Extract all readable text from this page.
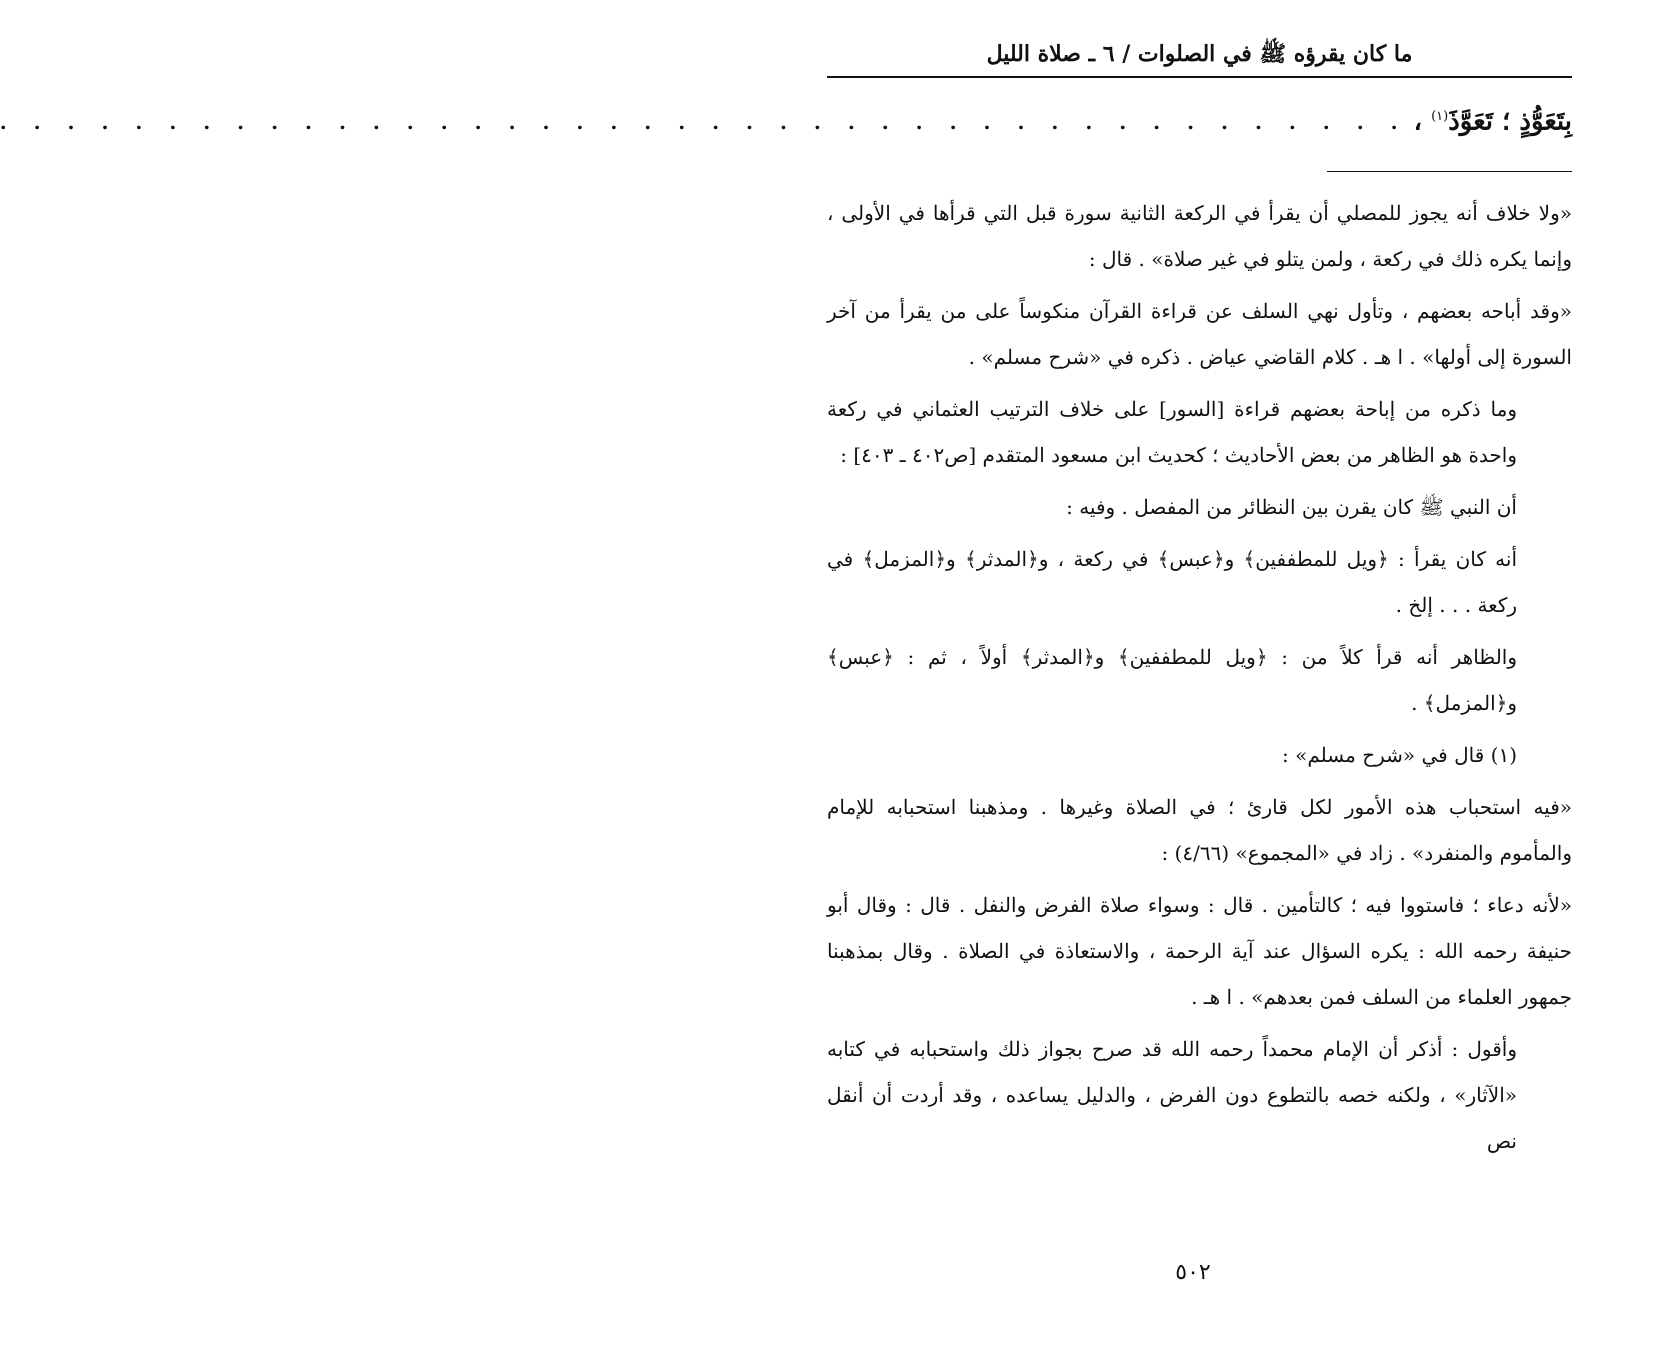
ما كان يقرؤه ﷺ في الصلوات / ٦ ـ صلاة الليل
بِتَعَوُّذٍ ؛ تَعَوَّذَ$^{(١)}$ ،
. . . . . . . . . . . . . . . . . . . . . . . . . . . . . . . . . . . . . . . . . .

«ولا خلاف أنه يجوز للمصلي أن يقرأ في الركعة الثانية سورة قبل التي قرأها في الأولى ، وإنما يكره ذلك في ركعة ، ولمن يتلو في غير صلاة» . قال :

«وقد أباحه بعضهم ، وتأول نهي السلف عن قراءة القرآن منكوساً على من يقرأ من آخر السورة إلى أولها» . ا هـ . كلام القاضي عياض . ذكره في «شرح مسلم» .

وما ذكره من إباحة بعضهم قراءة [السور] على خلاف الترتيب العثماني في ركعة واحدة هو الظاهر من بعض الأحاديث ؛ كحديث ابن مسعود المتقدم [ص٤٠٢ ـ ٤٠٣] :

أن النبي ﷺ كان يقرن بين النظائر من المفصل . وفيه :

أنه كان يقرأ : ﴿ويل للمطففين﴾ و﴿عبس﴾ في ركعة ، و﴿المدثر﴾ و﴿المزمل﴾ في ركعة . . . إلخ .

والظاهر أنه قرأ كلاً من : ﴿ويل للمطففين﴾ و﴿المدثر﴾ أولاً ، ثم : ﴿عبس﴾ و﴿المزمل﴾ .

(١) قال في «شرح مسلم» :

«فيه استحباب هذه الأمور لكل قارئ ؛ في الصلاة وغيرها . ومذهبنا استحبابه للإمام والمأموم والمنفرد» . زاد في «المجموع» (٤/٦٦) :

«لأنه دعاء ؛ فاستووا فيه ؛ كالتأمين . قال : وسواء صلاة الفرض والنفل . قال : وقال أبو حنيفة رحمه الله : يكره السؤال عند آية الرحمة ، والاستعاذة في الصلاة . وقال بمذهبنا جمهور العلماء من السلف فمن بعدهم» . ا هـ .

وأقول : أذكر أن الإمام محمداً رحمه الله قد صرح بجواز ذلك واستحبابه في كتابه «الآثار» ، ولكنه خصه بالتطوع دون الفرض ، والدليل يساعده ، وقد أردت أن أنقل نص

٥٠٢
